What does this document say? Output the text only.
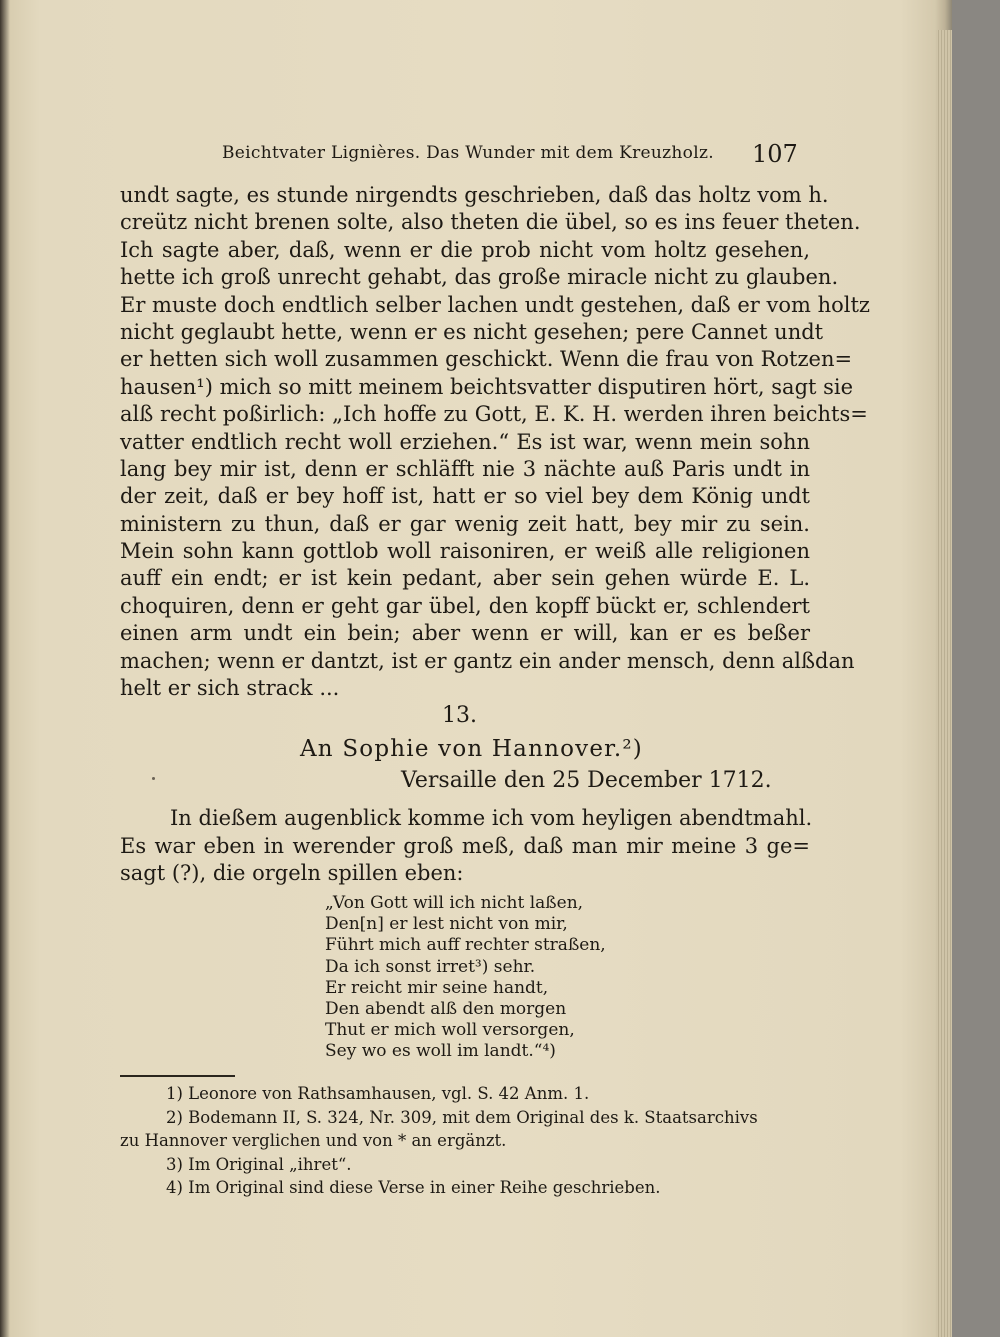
Beichtvater Lignières. Das Wunder mit dem Kreuzholz. 107
undt sagte, es stunde nirgendts geschrieben, daß das holtz vom h.
creütz nicht brenen solte, also theten die übel, so es ins feuer theten.
Ich sagte aber, daß, wenn er die prob nicht vom holtz gesehen,
hette ich groß unrecht gehabt, das große miracle nicht zu glauben.
Er muste doch endtlich selber lachen undt gestehen, daß er vom holtz
nicht geglaubt hette, wenn er es nicht gesehen; pere Cannet undt
er hetten sich woll zusammen geschickt. Wenn die frau von Rotzen=
hausen¹) mich so mitt meinem beichtsvatter disputiren hört, sagt sie
alß recht poßirlich: „Ich hoffe zu Gott, E. K. H. werden ihren beichts=
vatter endtlich recht woll erziehen.“ Es ist war, wenn mein sohn
lang bey mir ist, denn er schläfft nie 3 nächte auß Paris undt in
der zeit, daß er bey hoff ist, hatt er so viel bey dem König undt
ministern zu thun, daß er gar wenig zeit hatt, bey mir zu sein.
Mein sohn kann gottlob woll raisoniren, er weiß alle religionen
auff ein endt; er ist kein pedant, aber sein gehen würde E. L.
choquiren, denn er geht gar übel, den kopff bückt er, schlendert
einen arm undt ein bein; aber wenn er will, kan er es beßer
machen; wenn er dantzt, ist er gantz ein ander mensch, denn alßdan
helt er sich strack ...
13.
An Sophie von Hannover.²)
Versaille den 25 December 1712.
In dießem augenblick komme ich vom heyligen abendtmahl.
Es war eben in werender groß meß, daß man mir meine 3 ge=
sagt (?), die orgeln spillen eben:
„Von Gott will ich nicht laßen,
Den[n] er lest nicht von mir,
Führt mich auff rechter straßen,
Da ich sonst irret³) sehr.
Er reicht mir seine handt,
Den abendt alß den morgen
Thut er mich woll versorgen,
Sey wo es woll im landt.“⁴)
1) Leonore von Rathsamhausen, vgl. S. 42 Anm. 1.
2) Bodemann II, S. 324, Nr. 309, mit dem Original des k. Staatsarchivs
zu Hannover verglichen und von * an ergänzt.
3) Im Original „ihret“.
4) Im Original sind diese Verse in einer Reihe geschrieben.
